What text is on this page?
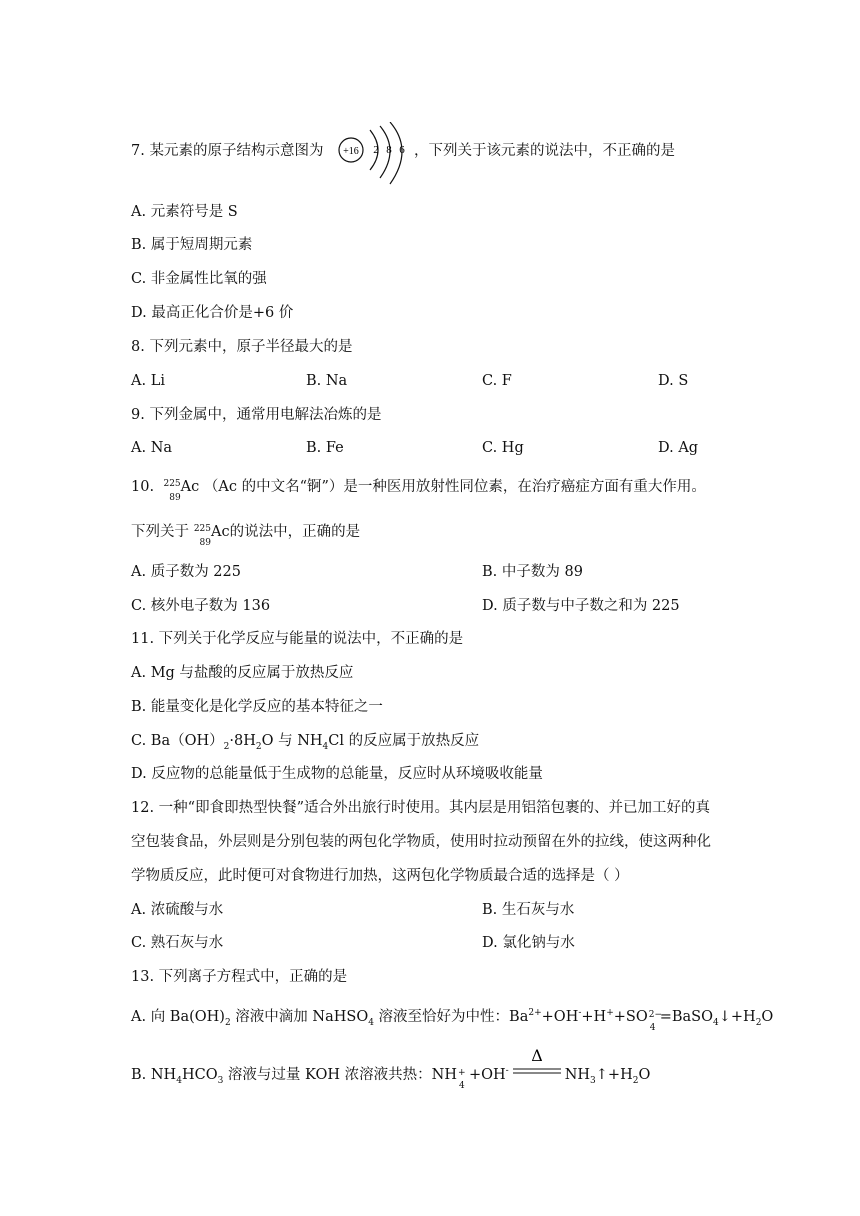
7. 某元素的原子结构示意图为 +16 2 8 6 ，下列关于该元素的说法中，不正确的是
A. 元素符号是 S
B. 属于短周期元素
C. 非金属性比氧的强
D. 最高正化合价是+6 价
8. 下列元素中，原子半径最大的是
A. Li	B. Na	C. F	D. S
9. 下列金属中，通常用电解法冶炼的是
A. Na	B. Fe	C. Hg	D. Ag
10. 225
89
Ac （Ac 的中文名“锕”）是一种医用放射性同位素，在治疗癌症方面有重大作用。
下列关于 225
89
Ac的说法中，正确的是
A. 质子数为 225	B. 中子数为 89
C. 核外电子数为 136	D. 质子数与中子数之和为 225
11. 下列关于化学反应与能量的说法中，不正确的是
A. Mg 与盐酸的反应属于放热反应
B. 能量变化是化学反应的基本特征之一
C. $Ba(OH)_2\cdot 8H_2O$ 与 $NH_4Cl$ 的反应属于放热反应
D. 反应物的总能量低于生成物的总能量，反应时从环境吸收能量
12. 一种“即食即热型快餐”适合外出旅行时使用。其内层是用铝箔包裹的、并已加工好的真
空包装食品，外层则是分别包装的两包化学物质，使用时拉动预留在外的拉线，使这两种化
学物质反应，此时便可对食物进行加热，这两包化学物质最合适的选择是（ ）
A. 浓硫酸与水	B. 生石灰与水
C. 熟石灰与水	D. 氯化钠与水
13. 下列离子方程式中，正确的是
A. 向 $Ba(OH)_2$ 溶液中滴加 NaHSO$_4$ 溶液至恰好为中性：$Ba^{2+}+OH^-+H^++SO$ 2−
4
$=BaSO_4↓+H_2O$
B. $NH_4HCO_3$ 溶液与过量 KOH 浓溶液共热：NH +
4
+OH-
Δ
$NH_3↑+H_2O$
